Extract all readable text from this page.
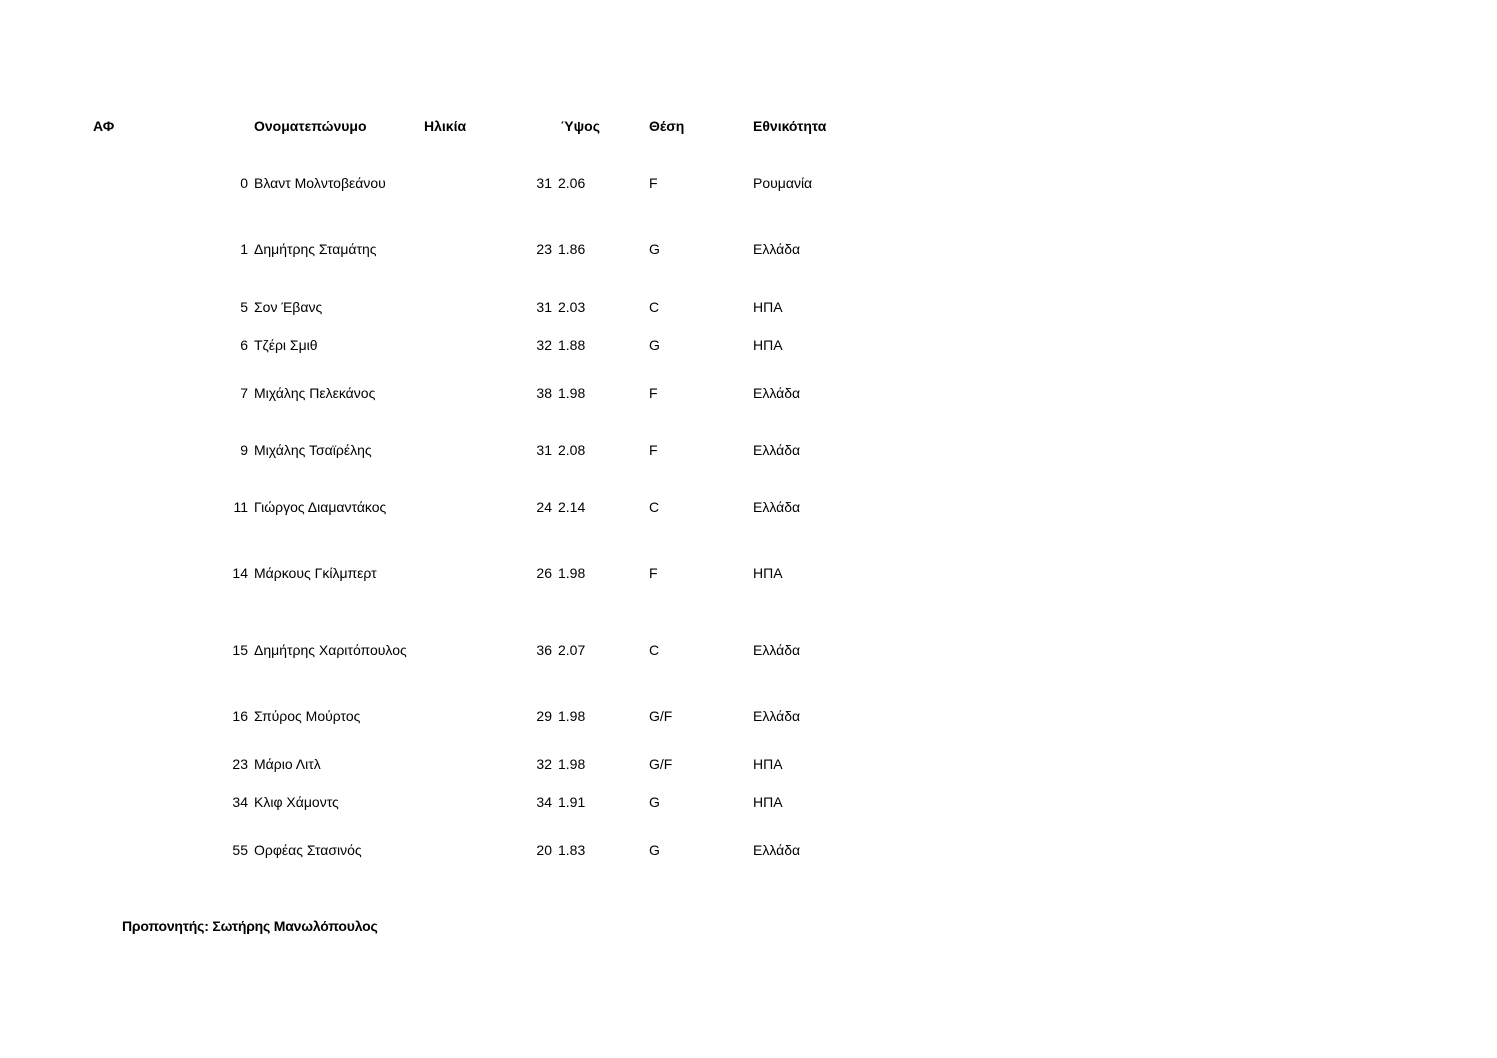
ΑΦ	Ονοματεπώνυμο	Ηλικία	Ύψος	Θέση	Εθνικότητα
0 Βλαντ Μολντοβεάνου	31 2.06	F	Ρουμανία
1 Δημήτρης Σταμάτης	23 1.86	G	Ελλάδα
5 Σον Έβανς	31 2.03	C	ΗΠΑ
6 Τζέρι Σμιθ	32 1.88	G	ΗΠΑ
7 Μιχάλης Πελεκάνος	38 1.98	F	Ελλάδα
9 Μιχάλης Τσαϊρέλης	31 2.08	F	Ελλάδα
11 Γιώργος Διαμαντάκος	24 2.14	C	Ελλάδα
14 Μάρκους Γκίλμπερτ	26 1.98	F	ΗΠΑ
15 Δημήτρης Χαριτόπουλος	36 2.07	C	Ελλάδα
16 Σπύρος Μούρτος	29 1.98	G/F	Ελλάδα
23 Μάριο Λιτλ	32 1.98	G/F	ΗΠΑ
34 Κλιφ Χάμοντς	34 1.91	G	ΗΠΑ
55 Ορφέας Στασινός	20 1.83	G	Ελλάδα
Προπονητής: Σωτήρης Μανωλόπουλος
